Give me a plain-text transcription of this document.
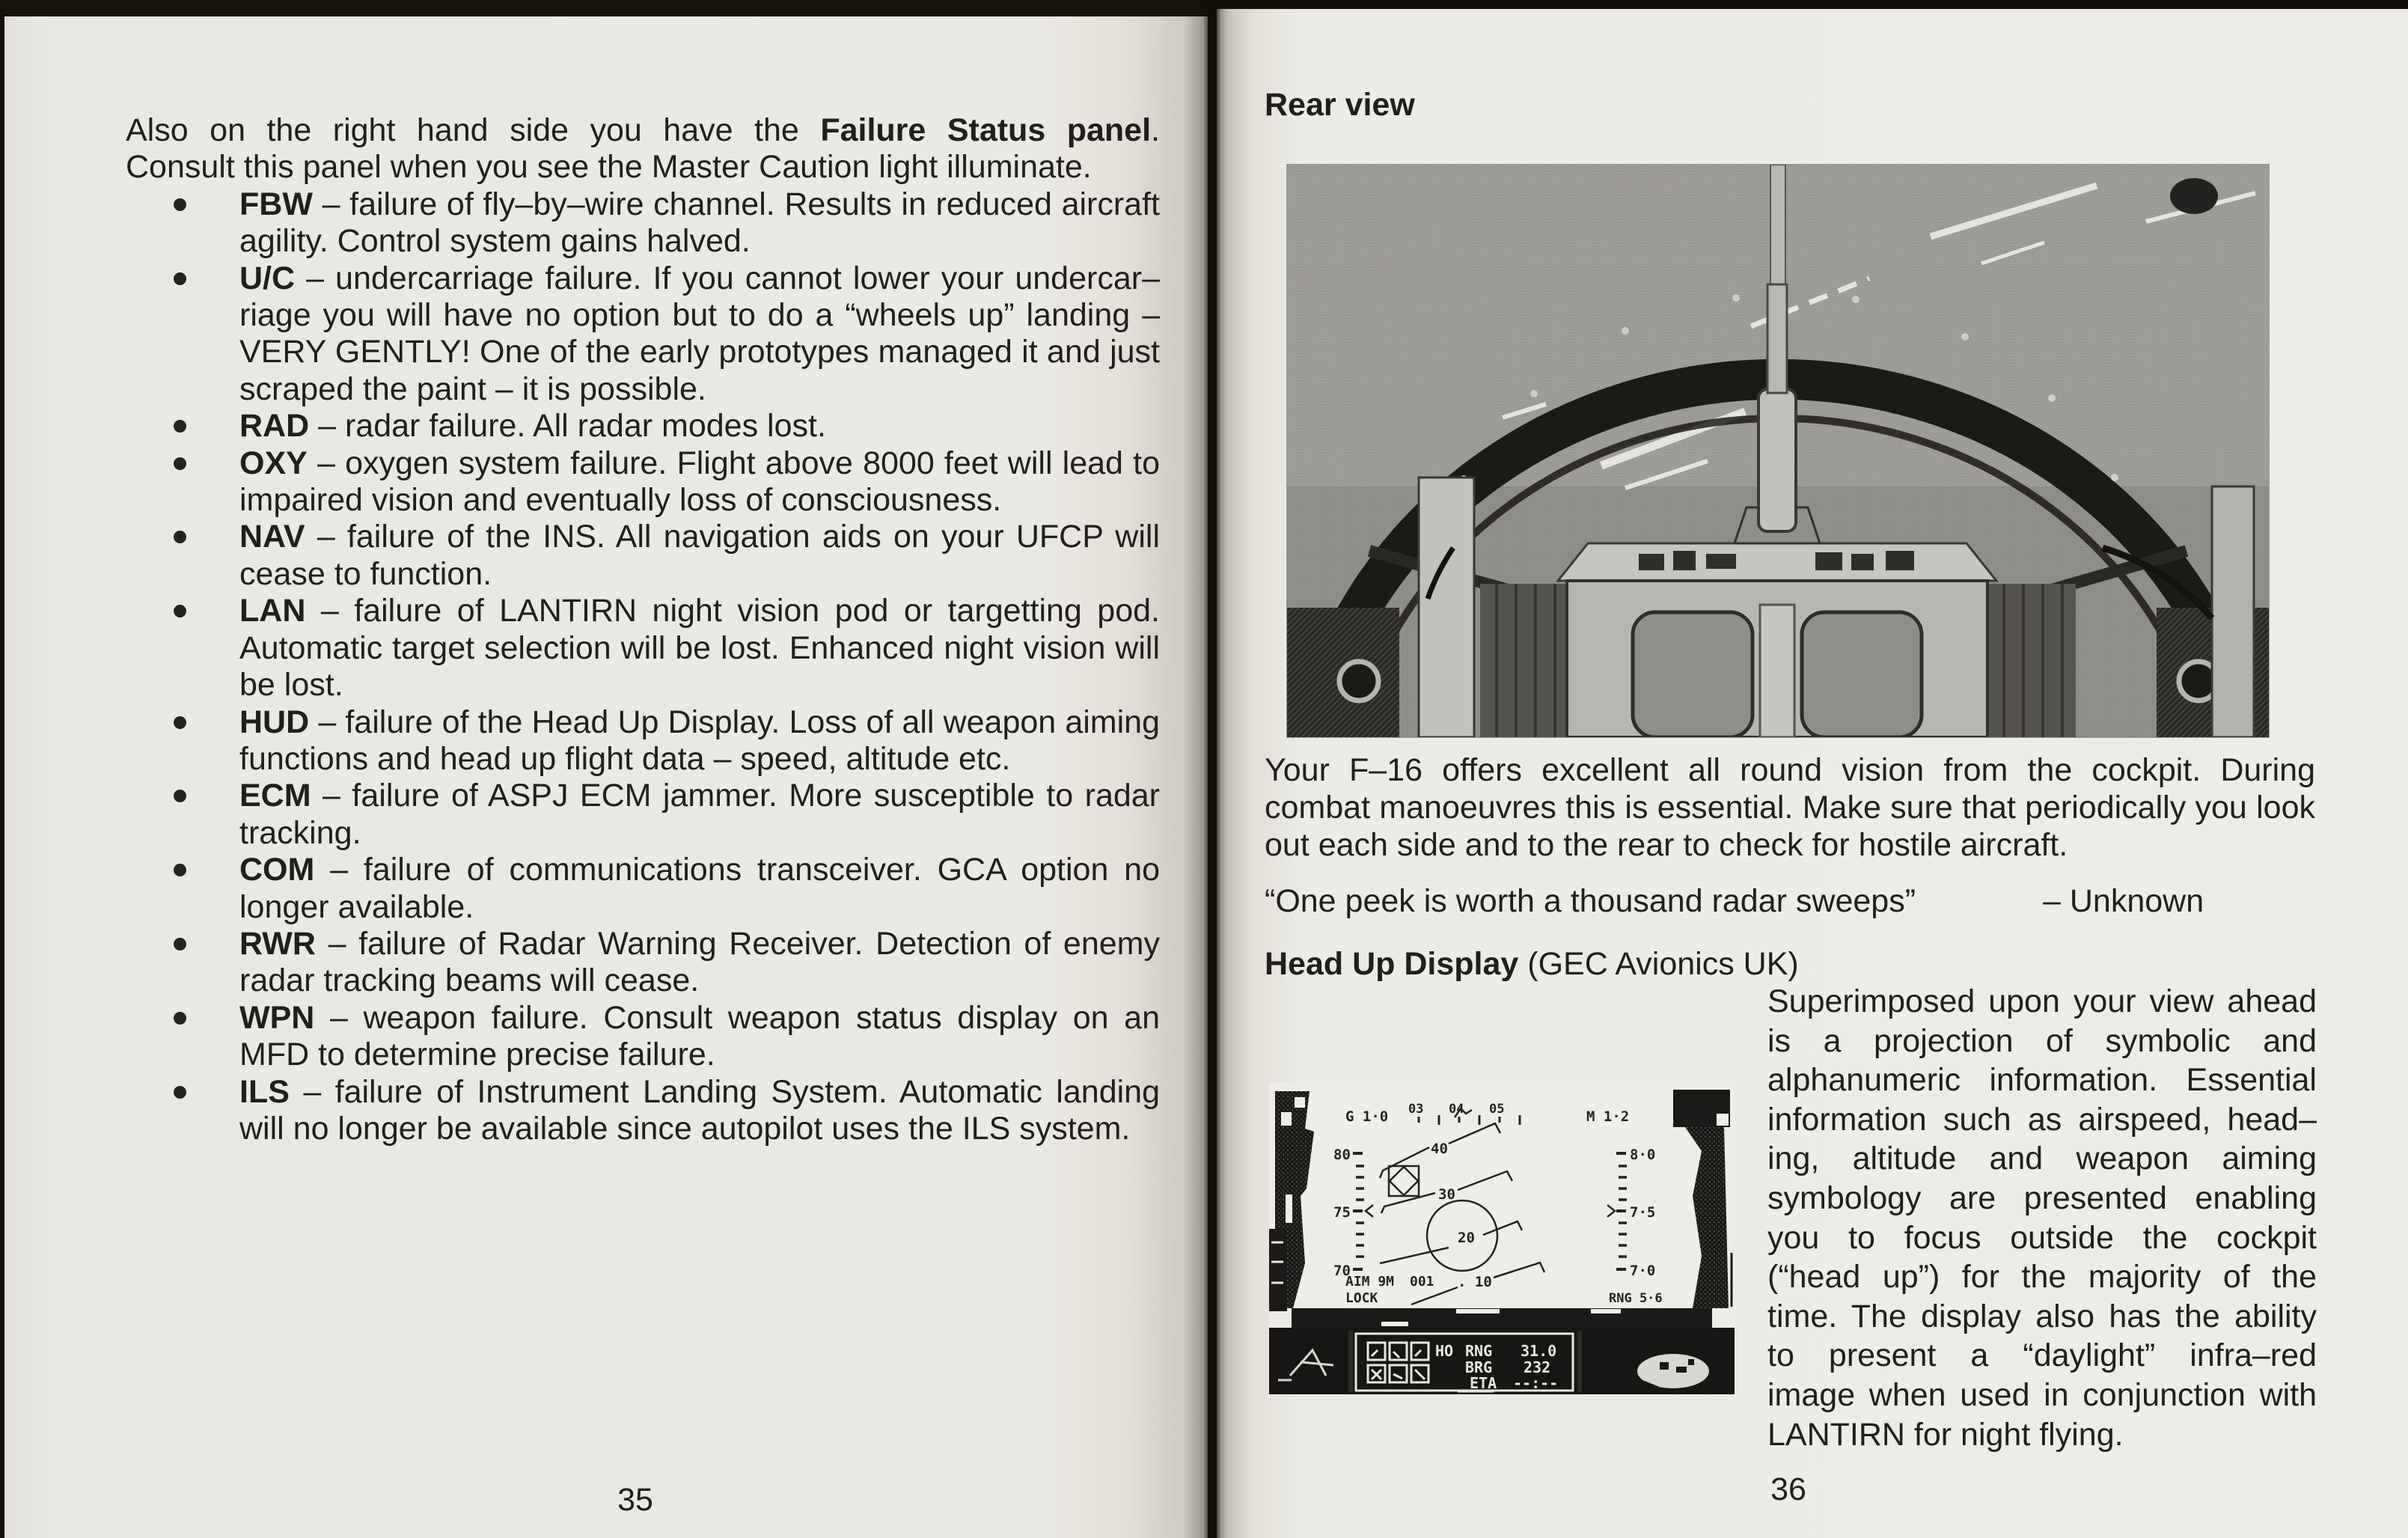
Also on the right hand side you have the Failure Status panel.
Consult this panel when you see the Master Caution light illuminate.
FBW – failure of fly–by–wire channel. Results in reduced aircraft
agility. Control system gains halved.
U/C – undercarriage failure. If you cannot lower your undercar–
riage you will have no option but to do a “wheels up” landing –
VERY GENTLY! One of the early prototypes managed it and just
scraped the paint – it is possible.
RAD – radar failure. All radar modes lost.
OXY – oxygen system failure. Flight above 8000 feet will lead to
impaired vision and eventually loss of consciousness.
NAV – failure of the INS. All navigation aids on your UFCP will
cease to function.
LAN – failure of LANTIRN night vision pod or targetting pod.
Automatic target selection will be lost. Enhanced night vision will
be lost.
HUD – failure of the Head Up Display. Loss of all weapon aiming
functions and head up flight data – speed, altitude etc.
ECM – failure of ASPJ ECM jammer. More susceptible to radar
tracking.
COM – failure of communications transceiver. GCA option no
longer available.
RWR – failure of Radar Warning Receiver. Detection of enemy
radar tracking beams will cease.
WPN – weapon failure. Consult weapon status display on an
MFD to determine precise failure.
ILS – failure of Instrument Landing System. Automatic landing
will no longer be available since autopilot uses the ILS system.
35
Rear view
Your F–16 offers excellent all round vision from the cockpit. During
combat manoeuvres this is essential. Make sure that periodically you look
out each side and to the rear to check for hostile aircraft.
“One peek is worth a thousand radar sweeps”	– Unknown
Head Up Display (GEC Avionics UK)
G 1·0	M 1·2
03 04 05
80
75
70
8·0
7·5
7·0
40
30
20
. 10
AIM 9M 001
LOCK	RNG 5·6
HO RNG 31.0
BRG 232
ETA --:--
Superimposed upon your view ahead
is a projection of symbolic and
alphanumeric information. Essential
information such as airspeed, head–
ing, altitude and weapon aiming
symbology are presented enabling
you to focus outside the cockpit
(“head up”) for the majority of the
time. The display also has the ability
to present a “daylight” infra–red
image when used in conjunction with
LANTIRN for night flying.
36
